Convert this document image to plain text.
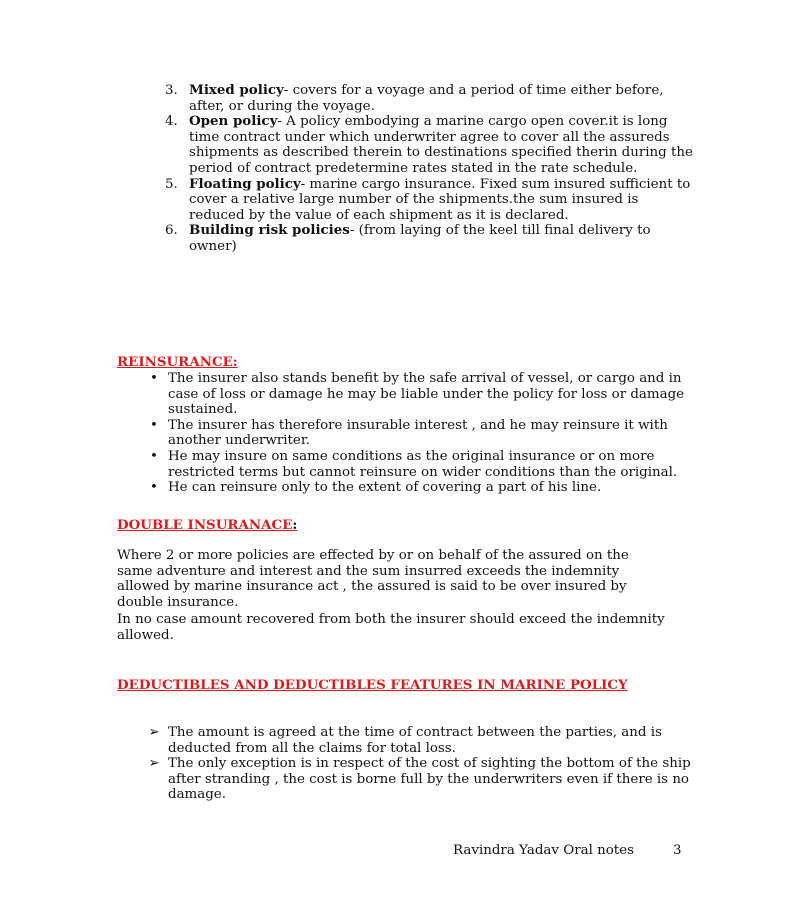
3. Mixed policy- covers for a voyage and a period of time either before, after, or during the voyage.
4. Open policy- A policy embodying a marine cargo open cover.it is long time contract under which underwriter agree to cover all the assureds shipments as described therein to destinations specified therin during the period of contract predetermine rates stated in the rate schedule.
5. Floating policy- marine cargo insurance. Fixed sum insured sufficient to cover a relative large number of the shipments.the sum insured is reduced by the value of each shipment as it is declared.
6. Building risk policies- (from laying of the keel till final delivery to owner)
REINSURANCE:
• The insurer also stands benefit by the safe arrival of vessel, or cargo and in case of loss or damage he may be liable under the policy for loss or damage sustained.
• The insurer has therefore insurable interest , and he may reinsure it with another underwriter.
• He may insure on same conditions as the original insurance or on more restricted terms but cannot reinsure on wider conditions than the original.
• He can reinsure only to the extent of covering a part of his line.
DOUBLE INSURANACE:

Where 2 or more policies are effected by or on behalf of the assured on the same adventure and interest and the sum insurred exceeds the indemnity allowed by marine insurance act , the assured is said to be over insured by double insurance.

In no case amount recovered from both the insurer should exceed the indemnity allowed.

DEDUCTIBLES AND DEDUCTIBLES FEATURES IN MARINE POLICY
➢ The amount is agreed at the time of contract between the parties, and is deducted from all the claims for total loss.
➢ The only exception is in respect of the cost of sighting the bottom of the ship after stranding , the cost is borne full by the underwriters even if there is no damage.
Ravindra Yadav Oral notes	3
